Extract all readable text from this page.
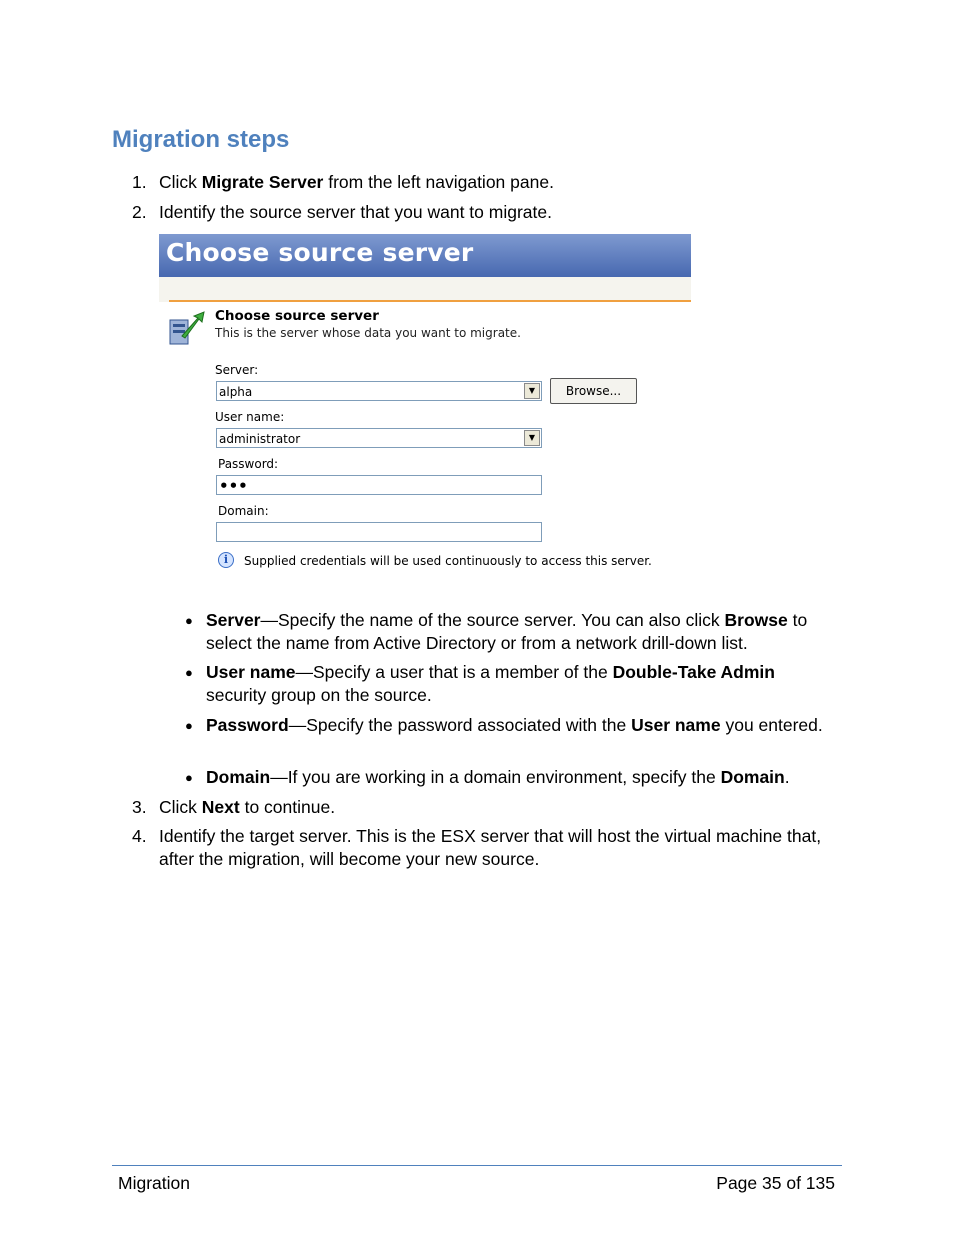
Migration steps
1. Click Migrate Server from the left navigation pane.
2. Identify the source server that you want to migrate.
Choose source server
Choose source server
This is the server whose data you want to migrate.
Server:
alpha	▼	Browse...
User name:
administrator	▼
Password:
•••
Domain:
i	Supplied credentials will be used continuously to access this server.
● Server—Specify the name of the source server. You can also click Browse to select the name from Active Directory or from a network drill-down list.
● User name—Specify a user that is a member of the Double-Take Admin security group on the source.
● Password—Specify the password associated with the User name you entered.
● Domain—If you are working in a domain environment, specify the Domain.
3. Click Next to continue.
4. Identify the target server. This is the ESX server that will host the virtual machine that, after the migration, will become your new source.
Migration	Page 35 of 135
